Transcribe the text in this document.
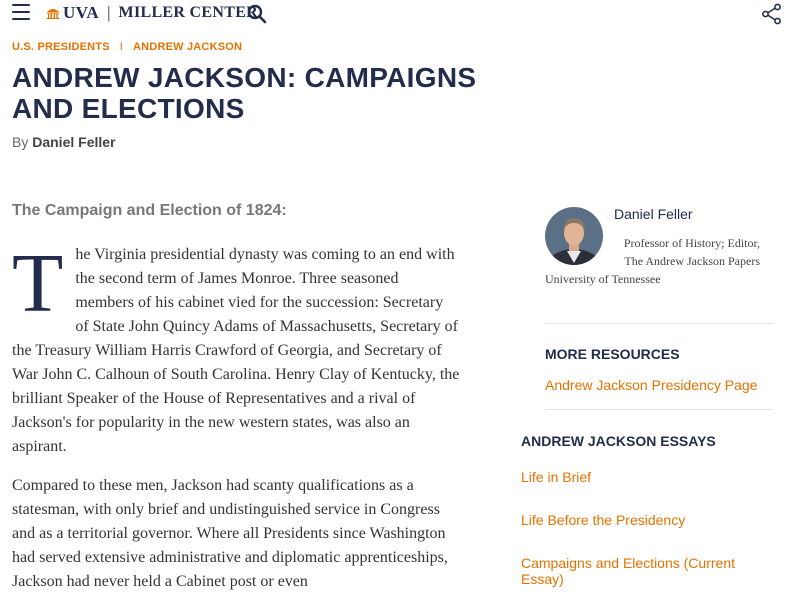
UVA | MILLER CENTER
U.S. PRESIDENTS I ANDREW JACKSON
ANDREW JACKSON: CAMPAIGNS AND ELECTIONS
By Daniel Feller
The Campaign and Election of 1824:

The Virginia presidential dynasty was coming to an end with the second term of James Monroe. Three seasoned members of his cabinet vied for the succession: Secretary of State John Quincy Adams of Massachusetts, Secretary of the Treasury William Harris Crawford of Georgia, and Secretary of War John C. Calhoun of South Carolina. Henry Clay of Kentucky, the brilliant Speaker of the House of Representatives and a rival of Jackson's for popularity in the new western states, was also an aspirant.

Compared to these men, Jackson had scanty qualifications as a statesman, with only brief and undistinguished service in Congress and as a territorial governor. Where all Presidents since Washington had served extensive administrative and diplomatic apprenticeships, Jackson had never held a Cabinet post or even

Daniel Feller
Professor of History; Editor,
The Andrew Jackson Papers
University of Tennessee
MORE RESOURCES
Andrew Jackson Presidency Page
ANDREW JACKSON ESSAYS
Life in Brief
Life Before the Presidency
Campaigns and Elections (Current Essay)
